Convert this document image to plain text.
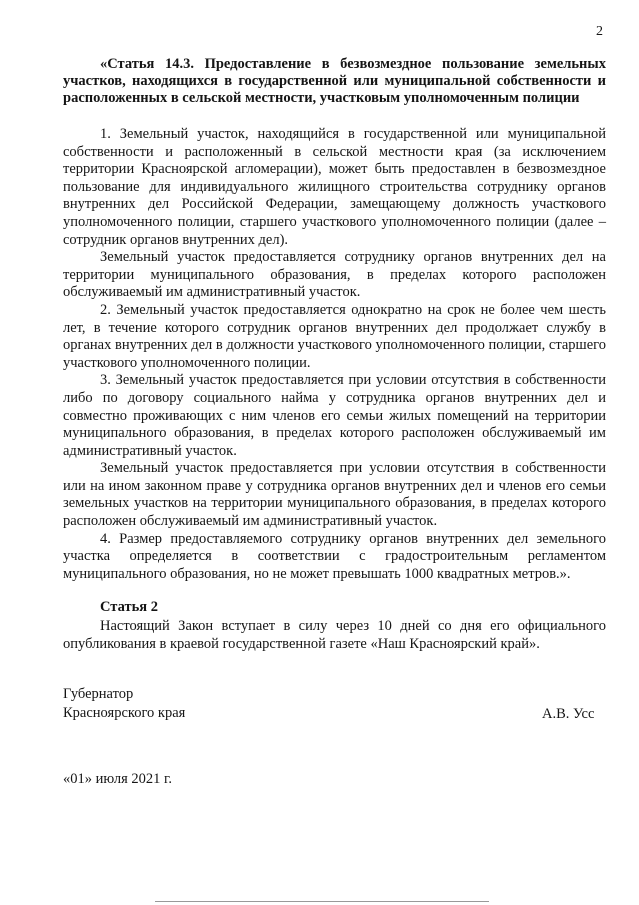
2
«Статья 14.3. Предоставление в безвозмездное пользование земельных участков, находящихся в государственной или муниципальной собственности и расположенных в сельской местности, участковым уполномоченным полиции

1. Земельный участок, находящийся в государственной или муниципальной собственности и расположенный в сельской местности края (за исключением территории Красноярской агломерации), может быть предоставлен в безвозмездное пользование для индивидуального жилищного строительства сотруднику органов внутренних дел Российской Федерации, замещающему должность участкового уполномоченного полиции, старшего участкового уполномоченного полиции (далее – сотрудник органов внутренних дел).

Земельный участок предоставляется сотруднику органов внутренних дел на территории муниципального образования, в пределах которого расположен обслуживаемый им административный участок.

2. Земельный участок предоставляется однократно на срок не более чем шесть лет, в течение которого сотрудник органов внутренних дел продолжает службу в органах внутренних дел в должности участкового уполномоченного полиции, старшего участкового уполномоченного полиции.

3. Земельный участок предоставляется при условии отсутствия в собственности либо по договору социального найма у сотрудника органов внутренних дел и совместно проживающих с ним членов его семьи жилых помещений на территории муниципального образования, в пределах которого расположен обслуживаемый им административный участок.

Земельный участок предоставляется при условии отсутствия в собственности или на ином законном праве у сотрудника органов внутренних дел и членов его семьи земельных участков на территории муниципального образования, в пределах которого расположен обслуживаемый им административный участок.

4. Размер предоставляемого сотруднику органов внутренних дел земельного участка определяется в соответствии с градостроительным регламентом муниципального образования, но не может превышать 1000 квадратных метров.».

Статья 2

Настоящий Закон вступает в силу через 10 дней со дня его официального опубликования в краевой государственной газете «Наш Красноярский край».

Губернатор
Красноярского края	А.В. Усс
«01» июля 2021 г.
